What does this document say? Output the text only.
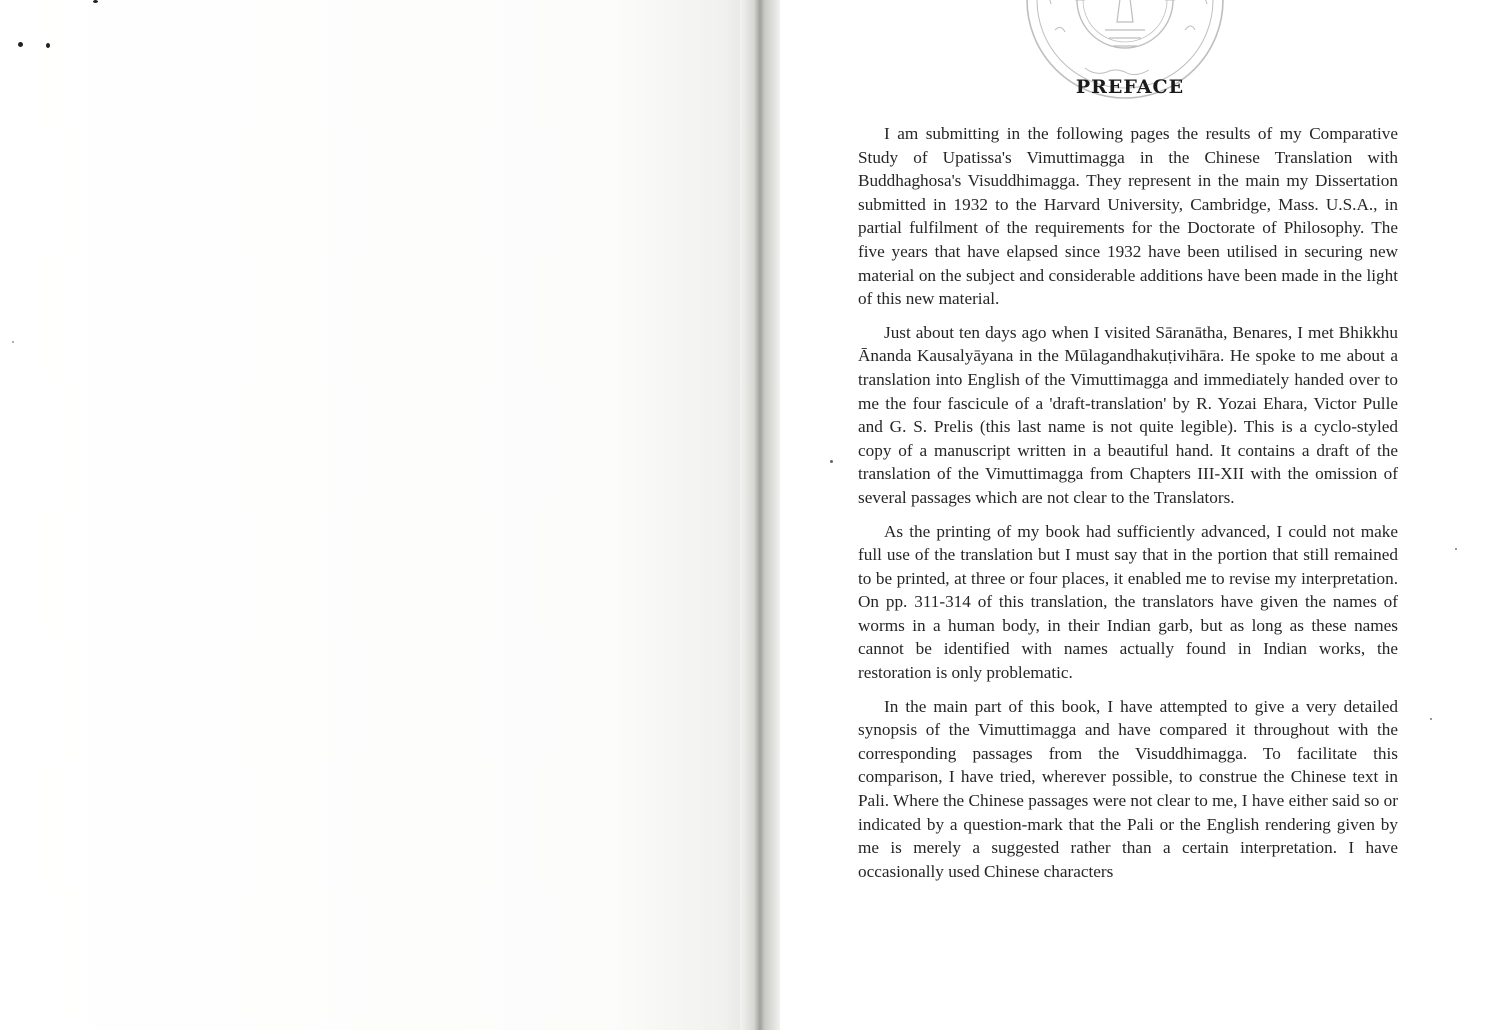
PREFACE

I am submitting in the following pages the results of my Comparative Study of Upatissa's Vimuttimagga in the Chinese Translation with Buddhaghosa's Visuddhimagga. They represent in the main my Dissertation submitted in 1932 to the Harvard University, Cambridge, Mass. U.S.A., in partial fulfilment of the requirements for the Doctorate of Philosophy. The five years that have elapsed since 1932 have been utilised in securing new material on the subject and considerable additions have been made in the light of this new material.

Just about ten days ago when I visited Sāranātha, Benares, I met Bhikkhu Ānanda Kausalyāyana in the Mūlagandhakuṭivihāra. He spoke to me about a translation into English of the Vimuttimagga and immediately handed over to me the four fascicule of a 'draft-translation' by R. Yozai Ehara, Victor Pulle and G. S. Prelis (this last name is not quite legible). This is a cyclo-styled copy of a manuscript written in a beautiful hand. It contains a draft of the translation of the Vimuttimagga from Chapters III-XII with the omission of several passages which are not clear to the Translators.

As the printing of my book had sufficiently advanced, I could not make full use of the translation but I must say that in the portion that still remained to be printed, at three or four places, it enabled me to revise my interpretation. On pp. 311-314 of this translation, the translators have given the names of worms in a human body, in their Indian garb, but as long as these names cannot be identified with names actually found in Indian works, the restoration is only problematic.

In the main part of this book, I have attempted to give a very detailed synopsis of the Vimuttimagga and have compared it throughout with the corresponding passages from the Visuddhimagga. To facilitate this comparison, I have tried, wherever possible, to construe the Chinese text in Pali. Where the Chinese passages were not clear to me, I have either said so or indicated by a question-mark that the Pali or the English rendering given by me is merely a suggested rather than a certain interpretation. I have occasionally used Chinese characters
